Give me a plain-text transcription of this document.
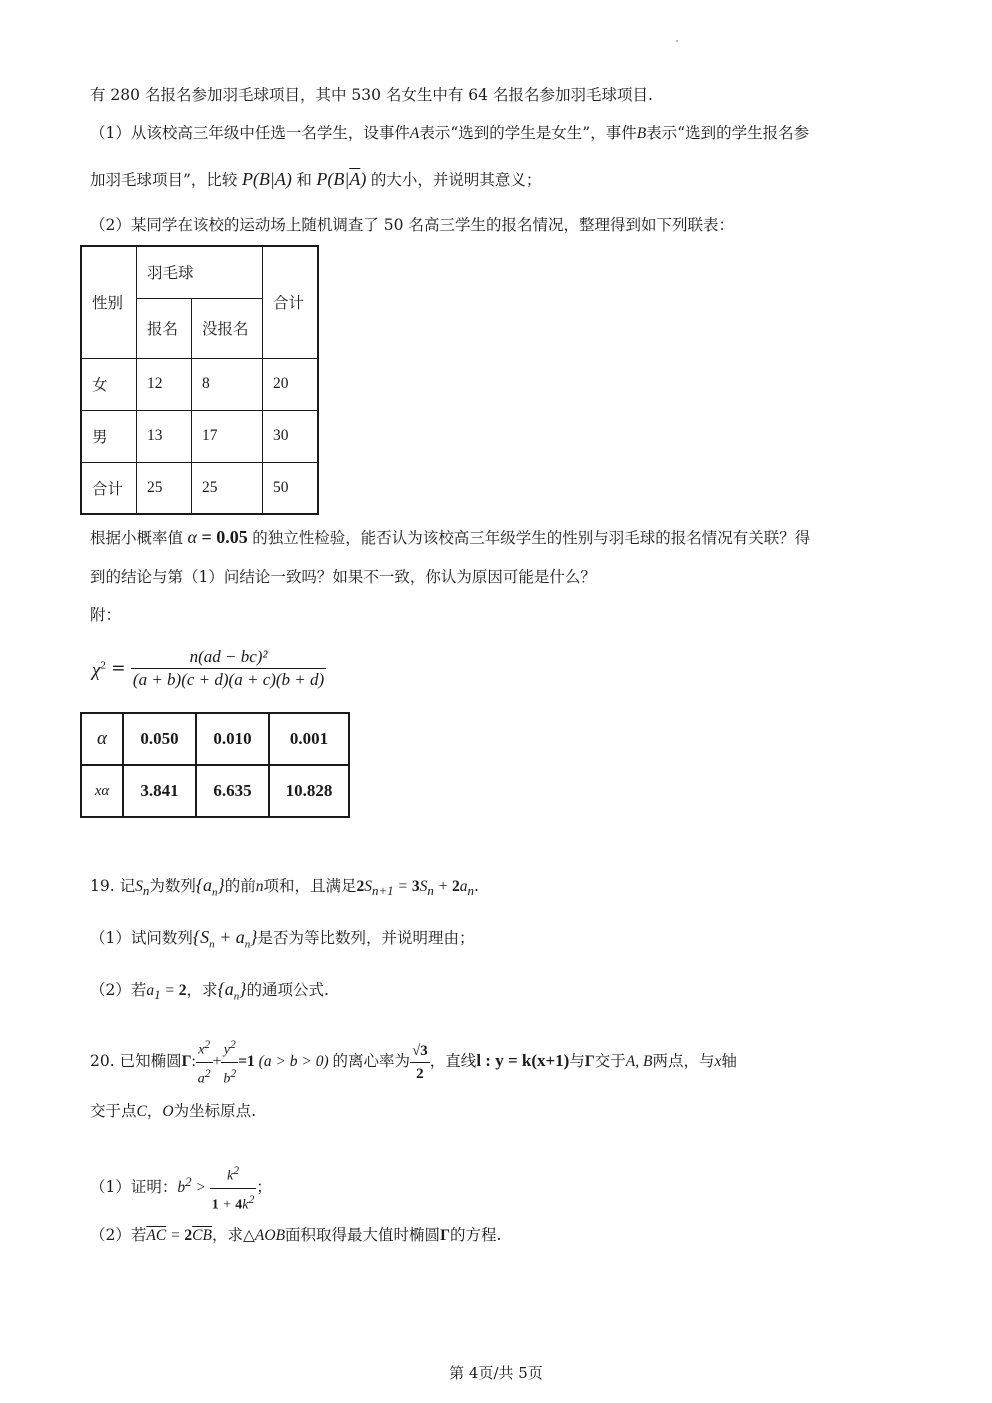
有 280 名报名参加羽毛球项目，其中 530 名女生中有 64 名报名参加羽毛球项目.
（1）从该校高三年级中任选一名学生，设事件A表示“选到的学生是女生”，事件B表示“选到的学生报名参
加羽毛球项目”，比较 P(B|A) 和 $P(B|\overline{A})$ 的大小，并说明其意义；
（2）某同学在该校的运动场上随机调查了 50 名高三学生的报名情况，整理得到如下列联表：
性别	羽毛球		合计
	报名	没报名	
女	12	8	20
男	13	17	30
合计	25	25	50
根据小概率值 α = 0.05 的独立性检验，能否认为该校高三年级学生的性别与羽毛球的报名情况有关联？得
到的结论与第（1）问结论一致吗？如果不一致，你认为原因可能是什么？
附：
$\chi^2 = \frac{\text{n(ad − bc)²}}{(a + b)(c + d)(a + c)(b + d)}$
α	0.050	0.010	0.001
xα	3.841	6.635	10.828
19. 记$S_n$为数列$\{a_n\}$的前n项和，且满足$2S_{n+1} = 3S_n + 2a_n$.
（1）试问数列$\{S_n + a_n\}$是否为等比数列，并说明理由；
（2）若$a_1 = 2$，求$\{a_n\}$的通项公式.
20. 已知椭圆Γ: $\frac{x^2}{a^2} + \frac{y^2}{b^2} =1$ (a > b > 0) 的离心率为 $\frac{√3}{2}$ ，直线l : y = k(x+1)与Γ交于A, B两点，与x轴
交于点C，O为坐标原点.
（1）证明：$b^2 > \frac{k^2}{1 + 4k^2}$ ；
（2）若$\overline{AC} = 2\overline{CB}$，求△AOB面积取得最大值时椭圆Γ的方程.
第 4页/共 5页
